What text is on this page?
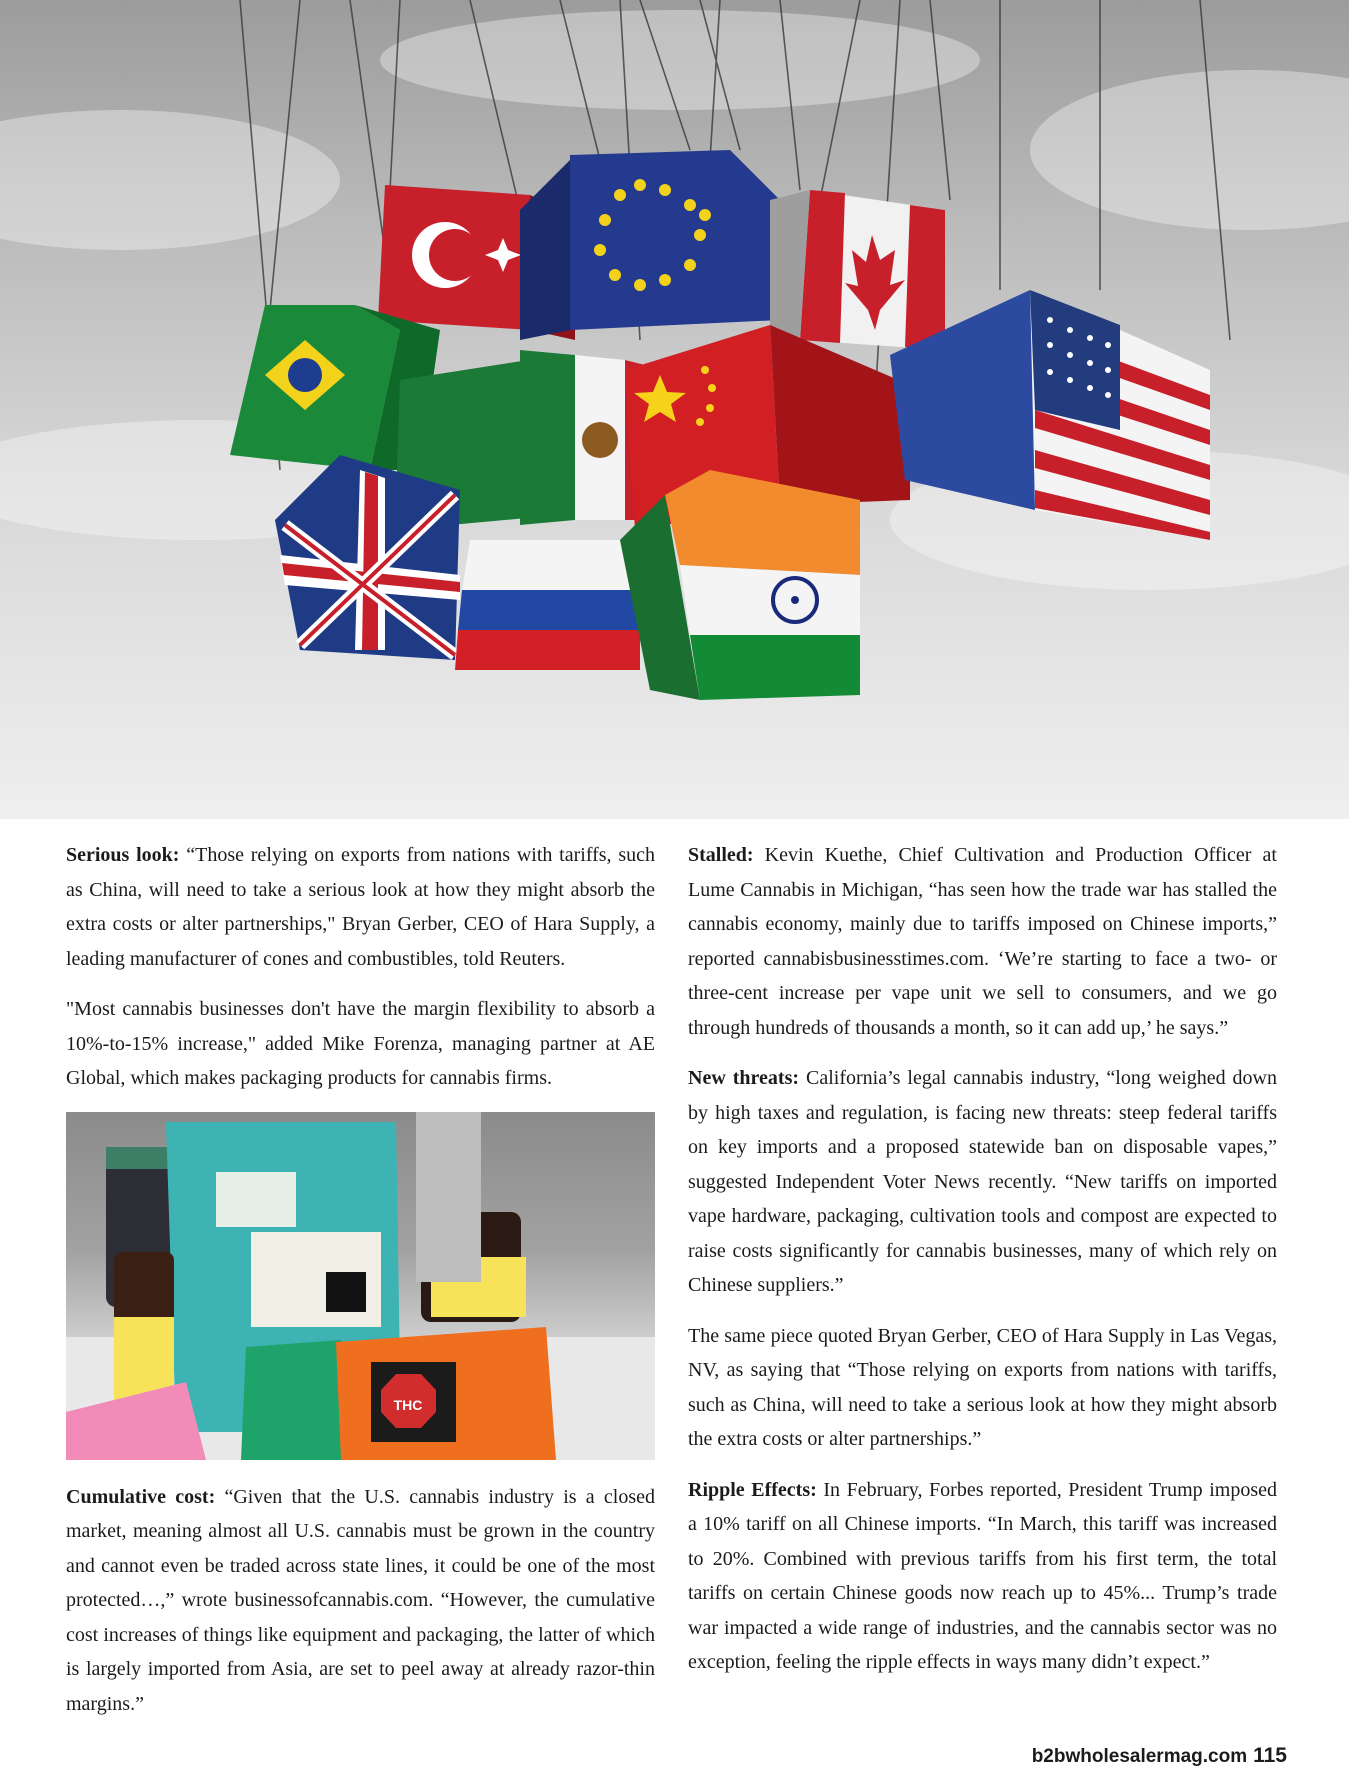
Serious look: “Those relying on exports from nations with tariffs, such as China, will need to take a serious look at how they might absorb the extra costs or alter partnerships," Bryan Gerber, CEO of Hara Supply, a leading manufacturer of cones and combustibles, told Reuters.

"Most cannabis businesses don't have the margin flexibility to absorb a 10%-to-15% increase," added Mike Forenza, managing partner at AE Global, which makes packaging products for cannabis firms.

THC

Cumulative cost: “Given that the U.S. cannabis industry is a closed market, meaning almost all U.S. cannabis must be grown in the country and cannot even be traded across state lines, it could be one of the most protected…,” wrote businessofcannabis.com. “However, the cumulative cost increases of things like equipment and packaging, the latter of which is largely imported from Asia, are set to peel away at already razor-thin margins.”

Stalled: Kevin Kuethe, Chief Cultivation and Production Officer at Lume Cannabis in Michigan, “has seen how the trade war has stalled the cannabis economy, mainly due to tariffs imposed on Chinese imports,” reported cannabisbusinesstimes.com. ‘We’re starting to face a two- or three-cent increase per vape unit we sell to consumers, and we go through hundreds of thousands a month, so it can add up,’ he says.”

New threats: California’s legal cannabis industry, “long weighed down by high taxes and regulation, is facing new threats: steep federal tariffs on key imports and a proposed statewide ban on disposable vapes,” suggested Independent Voter News recently. “New tariffs on imported vape hardware, packaging, cultivation tools and compost are expected to raise costs significantly for cannabis businesses, many of which rely on Chinese suppliers.”

The same piece quoted Bryan Gerber, CEO of Hara Supply in Las Vegas, NV, as saying that “Those relying on exports from nations with tariffs, such as China, will need to take a serious look at how they might absorb the extra costs or alter partnerships.”

Ripple Effects: In February, Forbes reported, President Trump imposed a 10% tariff on all Chinese imports. “In March, this tariff was increased to 20%. Combined with previous tariffs from his first term, the total tariffs on certain Chinese goods now reach up to 45%... Trump’s trade war impacted a wide range of industries, and the cannabis sector was no exception, feeling the ripple effects in ways many didn’t expect.”

b2bwholesalermag.com 115
